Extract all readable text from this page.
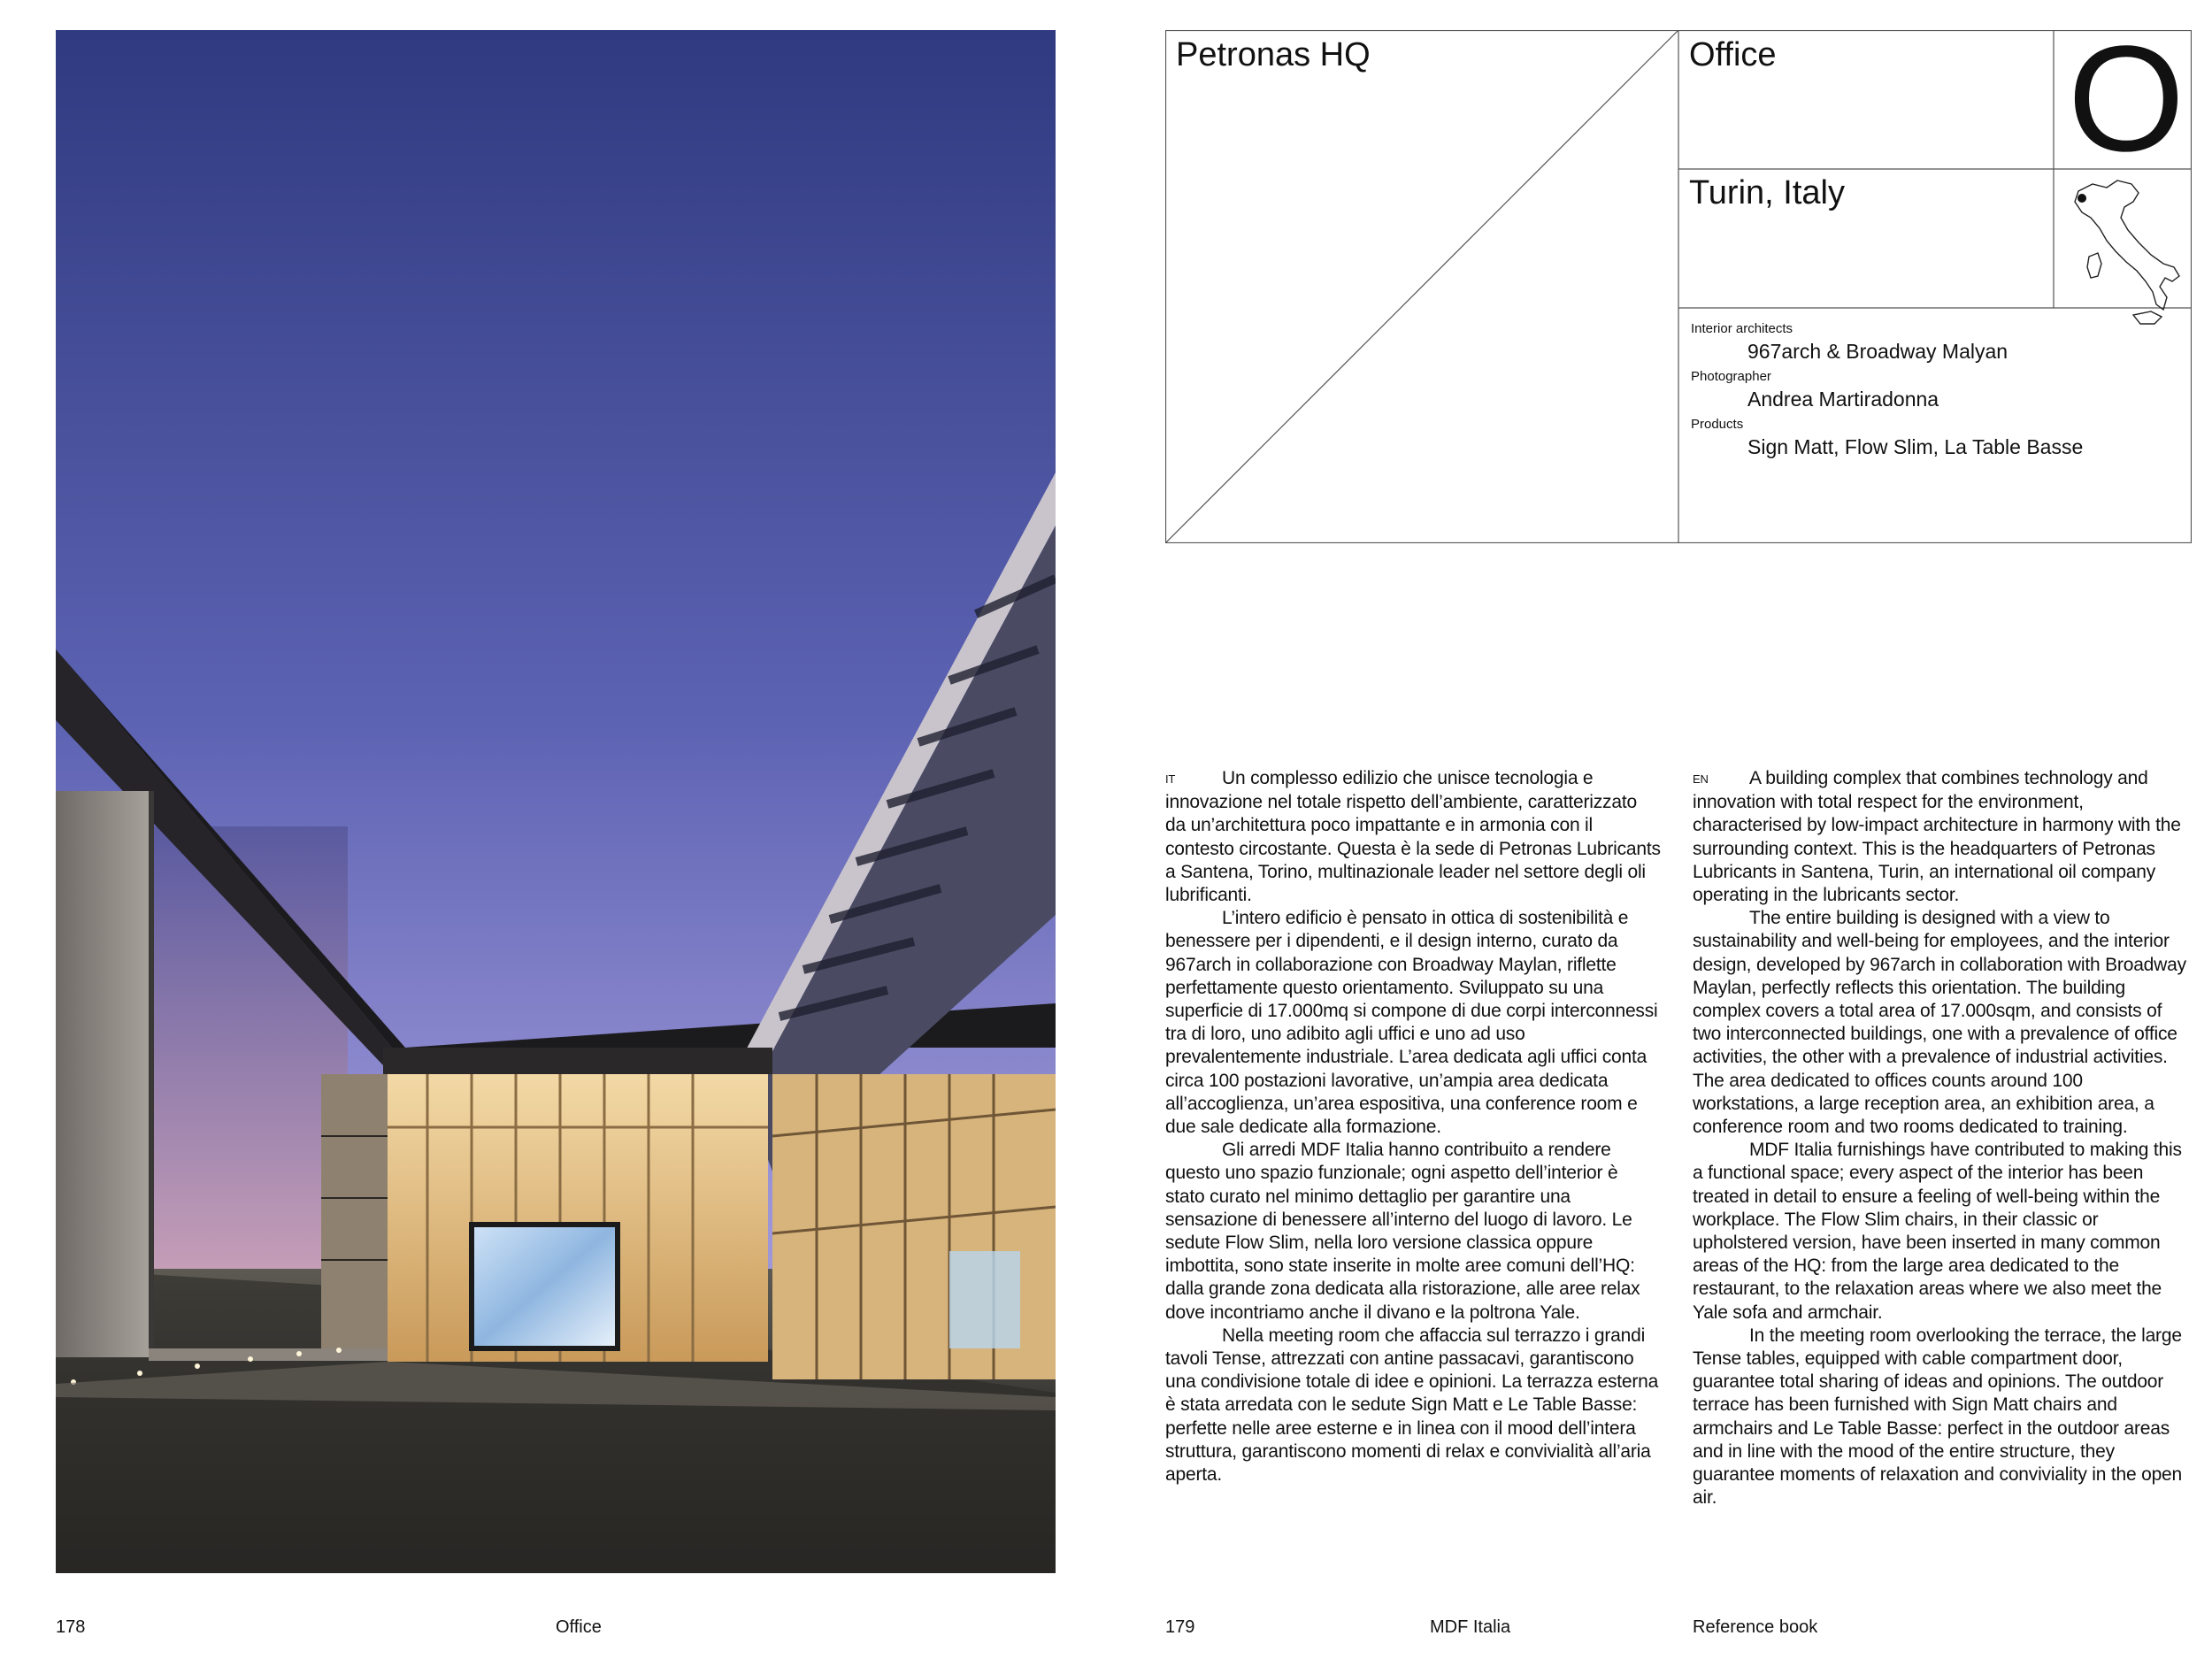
178	Office
Petronas HQ	Office O
Turin, Italy
Interior architects
967arch & Broadway Malyan
Photographer
Andrea Martiradonna
Products
Sign Matt, Flow Slim, La Table Basse

IT	Un complesso edilizio che unisce tecnologia e innovazione nel totale rispetto dell’ambiente, caratterizzato da un’architettura poco impattante e in armonia con il contesto circostante. Questa è la sede di Petronas Lubricants a Santena, Torino, multinazionale leader nel settore degli oli lubrificanti.

L’intero edificio è pensato in ottica di sostenibilità e benessere per i dipendenti, e il design interno, curato da 967arch in collaborazione con Broadway Maylan, riflette perfettamente questo orientamento. Sviluppato su una superficie di 17.000mq si compone di due corpi interconnessi tra di loro, uno adibito agli uffici e uno ad uso prevalentemente industriale. L’area dedicata agli uffici conta circa 100 postazioni lavorative, un’ampia area dedicata all’accoglienza, un’area espositiva, una conference room e due sale dedicate alla formazione.

Gli arredi MDF Italia hanno contribuito a rendere questo uno spazio funzionale; ogni aspetto dell’interior è stato curato nel minimo dettaglio per garantire una sensazione di benessere all’interno del luogo di lavoro. Le sedute Flow Slim, nella loro versione classica oppure imbottita, sono state inserite in molte aree comuni dell’HQ: dalla grande zona dedicata alla ristorazione, alle aree relax dove incontriamo anche il divano e la poltrona Yale.

Nella meeting room che affaccia sul terrazzo i grandi tavoli Tense, attrezzati con antine passacavi, garantiscono una condivisione totale di idee e opinioni. La terrazza esterna è stata arredata con le sedute Sign Matt e Le Table Basse: perfette nelle aree esterne e in linea con il mood dell’intera struttura, garantiscono momenti di relax e convivialità all’aria aperta.

EN A building complex that combines technology and innovation with total respect for the environment, characterised by low-impact architecture in harmony with the surrounding context. This is the headquarters of Petronas Lubricants in Santena, Turin, an international oil company operating in the lubricants sector.

The entire building is designed with a view to sustainability and well-being for employees, and the interior design, developed by 967arch in collaboration with Broadway Maylan, perfectly reflects this orientation. The building complex covers a total area of 17.000sqm, and consists of two interconnected buildings, one with a prevalence of office activities, the other with a prevalence of industrial activities. The area dedicated to offices counts around 100 workstations, a large reception area, an exhibition area, a conference room and two rooms dedicated to training.

MDF Italia furnishings have contributed to making this a functional space; every aspect of the interior has been treated in detail to ensure a feeling of well-being within the workplace. The Flow Slim chairs, in their classic or upholstered version, have been inserted in many common areas of the HQ: from the large area dedicated to the restaurant, to the relaxation areas where we also meet the Yale sofa and armchair.

In the meeting room overlooking the terrace, the large Tense tables, equipped with cable compartment door, guarantee total sharing of ideas and opinions. The outdoor terrace has been furnished with Sign Matt chairs and armchairs and Le Table Basse: perfect in the outdoor areas and in line with the mood of the entire structure, they guarantee moments of relaxation and conviviality in the open air.

179	MDF Italia	Reference book
